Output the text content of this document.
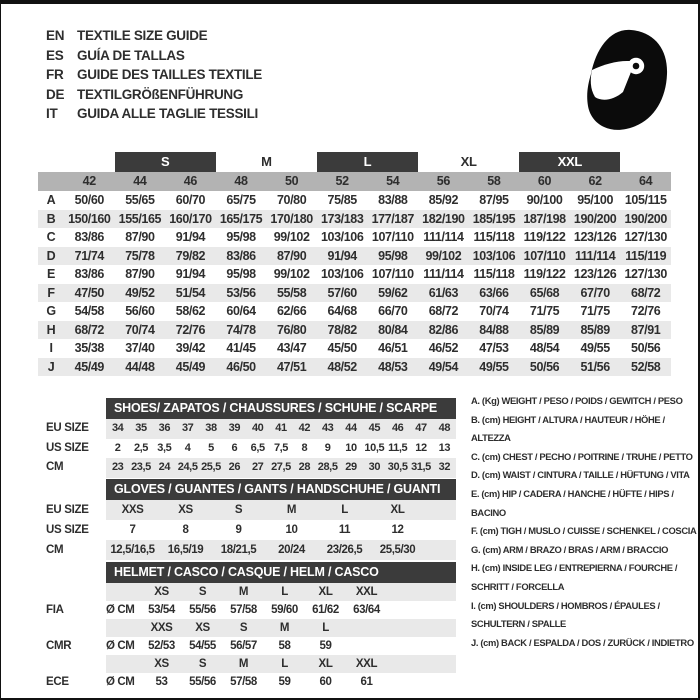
EN TEXTILE SIZE GUIDE
ES	GUÍA DE TALLAS
FR	GUIDE DES TAILLES TEXTILE
DE TEXTILGRÖßENFÜHRUNG
IT	GUIDA ALLE TAGLIE TESSILI
S	M	L	XL	XXL
42	44	46	48	50	52	54	56	58	60	62	64
A	50/60	55/65	60/70	65/75	70/80	75/85	83/88	85/92	87/95	90/100	95/100 105/115
B	150/160 155/165 160/170 165/175 170/180 173/183 177/187 182/190 185/195 187/198 190/200 190/200
C	83/86	87/90	91/94	95/98	99/102 103/106 107/110 111/114 115/118 119/122 123/126 127/130
D	71/74	75/78	79/82	83/86	87/90	91/94	95/98	99/102 103/106 107/110 111/114 115/119
E	83/86	87/90	91/94	95/98	99/102 103/106 107/110 111/114 115/118 119/122 123/126 127/130
F	47/50	49/52	51/54	53/56	55/58	57/60	59/62	61/63	63/66	65/68	67/70	68/72
G	54/58	56/60	58/62	60/64	62/66	64/68	66/70	68/72	70/74	71/75	71/75	72/76
H	68/72	70/74	72/76	74/78	76/80	78/82	80/84	82/86	84/88	85/89	85/89	87/91
I	35/38	37/40	39/42	41/45	43/47	45/50	46/51	46/52	47/53	48/54	49/55	50/56
J	45/49	44/48	45/49	46/50	47/51	48/52	48/53	49/54	49/55	50/56	51/56	52/58
SHOES/ ZAPATOS / CHAUSSURES / SCHUHE / SCARPE
EU SIZE	34	35	36	37	38	39	40	41	42	43	44	45	46	47	48
US SIZE	2	2,5 3,5	4	5	6	6,5 7,5	8	9	10 10,5 11,5 12	13
CM	23 23,5 24 24,5 25,5 26	27 27,5 28 28,5 29	30 30,5 31,5 32
GLOVES / GUANTES / GANTS / HANDSCHUHE / GUANTI
EU SIZE	XXS	XS	S	M	L	XL
US SIZE	7	8	9	10	11	12
CM	12,5/16,5	16,5/19	18/21,5	20/24	23/26,5	25,5/30
HELMET / CASCO / CASQUE / HELM / CASCO
XS	S	M	L	XL	XXL
FIA	Ø CM	53/54	55/56	57/58	59/60	61/62	63/64
XXS	XS	S	M	L
CMR	Ø CM	52/53	54/55	56/57	58	59
XS	S	M	L	XL	XXL
ECE	Ø CM	53	55/56	57/58	59	60	61
A. (Kg) WEIGHT / PESO / POIDS / GEWITCH / PESO
B. (cm) HEIGHT / ALTURA / HAUTEUR / HÖHE / ALTEZZA
C. (cm) CHEST / PECHO / POITRINE / TRUHE / PETTO
D. (cm) WAIST / CINTURA / TAILLE / HÜFTUNG / VITA
E. (cm) HIP / CADERA / HANCHE / HÜFTE / HIPS / BACINO
F. (cm) TIGH / MUSLO / CUISSE / SCHENKEL / COSCIA
G. (cm) ARM / BRAZO / BRAS / ARM / BRACCIO
H. (cm) INSIDE LEG / ENTREPIERNA / FOURCHE / SCHRITT / FORCELLA
I. (cm) SHOULDERS / HOMBROS / ÉPAULES / SCHULTERN / SPALLE
J. (cm) BACK / ESPALDA / DOS / ZURÜCK / INDIETRO
